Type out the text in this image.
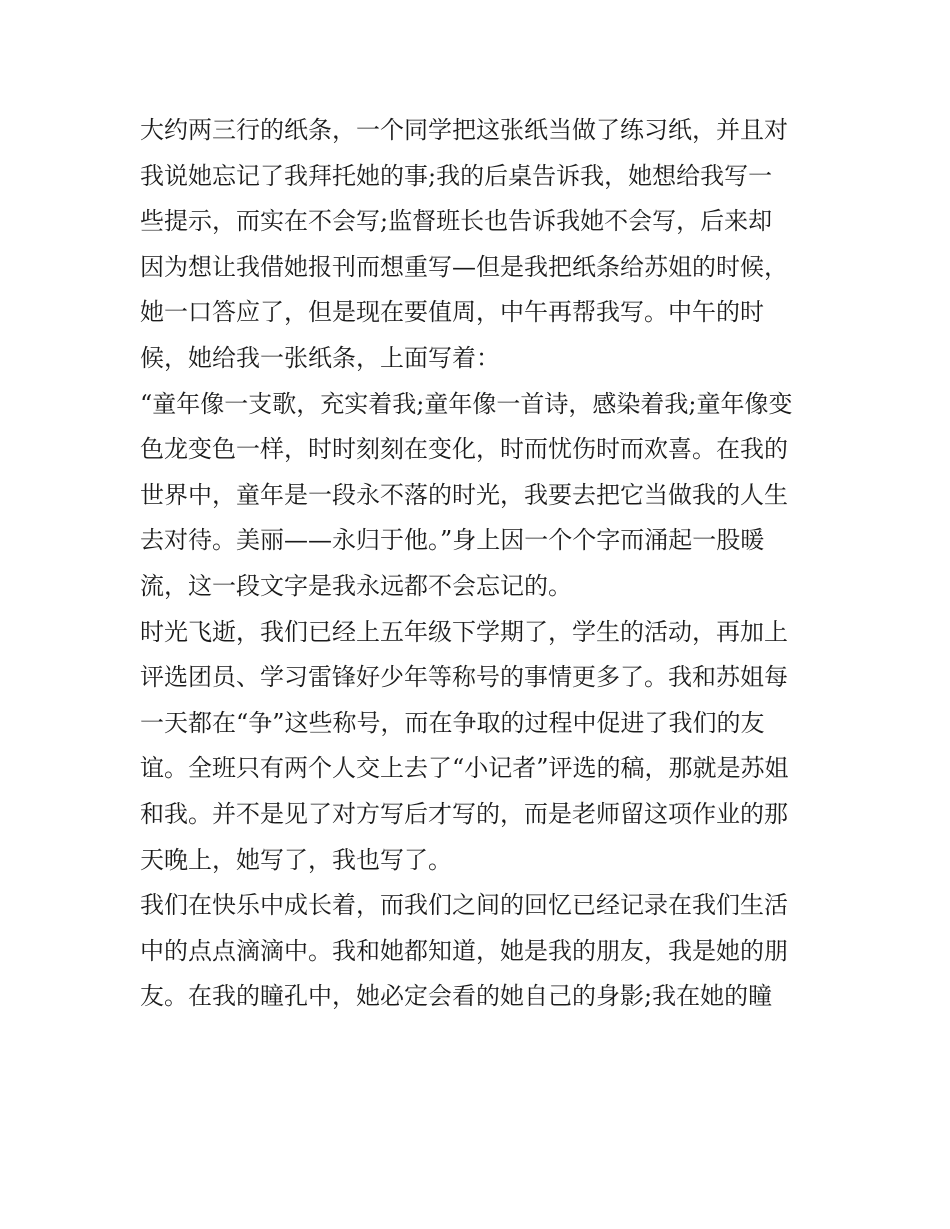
大约两三行的纸条，一个同学把这张纸当做了练习纸，并且对
我说她忘记了我拜托她的事;我的后桌告诉我，她想给我写一
些提示，而实在不会写;监督班长也告诉我她不会写，后来却
因为想让我借她报刊而想重写—但是我把纸条给苏姐的时候，
她一口答应了，但是现在要值周，中午再帮我写。中午的时
候，她给我一张纸条，上面写着：
“童年像一支歌，充实着我;童年像一首诗，感染着我;童年像变
色龙变色一样，时时刻刻在变化，时而忧伤时而欢喜。在我的
世界中，童年是一段永不落的时光，我要去把它当做我的人生
去对待。美丽——永归于他。”身上因一个个字而涌起一股暖
流，这一段文字是我永远都不会忘记的。
时光飞逝，我们已经上五年级下学期了，学生的活动，再加上
评选团员、学习雷锋好少年等称号的事情更多了。我和苏姐每
一天都在“争”这些称号，而在争取的过程中促进了我们的友
谊。全班只有两个人交上去了“小记者”评选的稿，那就是苏姐
和我。并不是见了对方写后才写的，而是老师留这项作业的那
天晚上，她写了，我也写了。
我们在快乐中成长着，而我们之间的回忆已经记录在我们生活
中的点点滴滴中。我和她都知道，她是我的朋友，我是她的朋
友。在我的瞳孔中，她必定会看的她自己的身影;我在她的瞳
